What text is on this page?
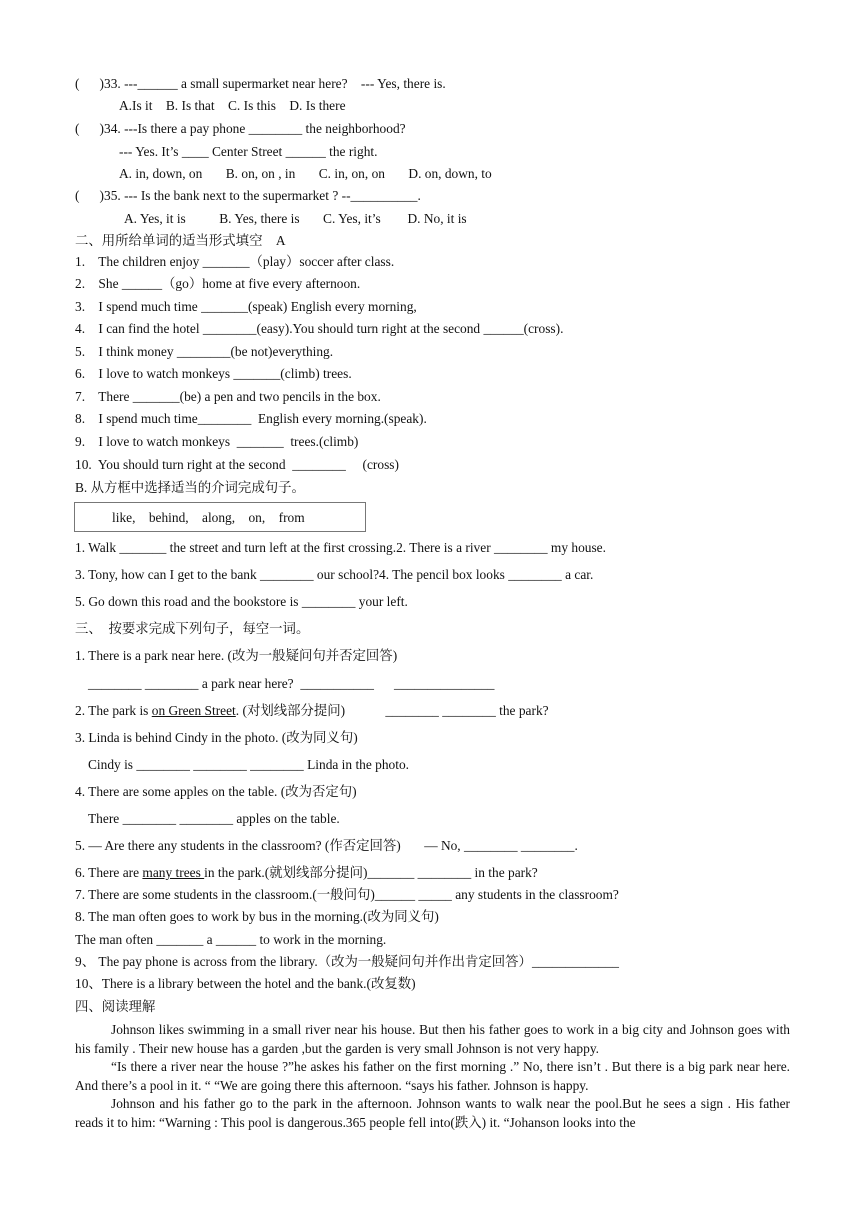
(      )33. ---______ a small supermarket near here?    --- Yes, there is.
A.Is it    B. Is that    C. Is this    D. Is there
(      )34. ---Is there a pay phone ________ the neighborhood?
--- Yes. It’s ____ Center Street ______ the right.
A. in, down, on       B. on, on , in       C. in, on, on       D. on, down, to
(      )35. --- Is the bank next to the supermarket ? --__________.
A. Yes, it is          B. Yes, there is       C. Yes, it’s        D. No, it is
二、用所给单词的适当形式填空    A
1.    The children enjoy _______（play）soccer after class.
2.    She ______（go）home at five every afternoon.
3.    I spend much time _______(speak) English every morning,
4.    I can find the hotel ________(easy).You should turn right at the second ______(cross).
5.    I think money ________(be not)everything.
6.    I love to watch monkeys _______(climb) trees.
7.    There _______(be) a pen and two pencils in the box.
8.    I spend much time________  English every morning.(speak).
9.    I love to watch monkeys  _______  trees.(climb)
10.  You should turn right at the second  ________     (cross)
B. 从方框中选择适当的介词完成句子。
like,    behind,    along,    on,    from
1. Walk _______ the street and turn left at the first crossing.2. There is a river ________ my house.
3. Tony, how can I get to the bank ________ our school?4. The pencil box looks ________ a car.
5. Go down this road and the bookstore is ________ your left.
三、  按要求完成下列句子，每空一词。
1. There is a park near here. (改为一般疑问句并否定回答)
________ ________ a park near here?  ___________      _______________
2. The park is on Green Street. (对划线部分提问)            ________ ________ the park?
3. Linda is behind Cindy in the photo. (改为同义句)
Cindy is ________ ________ ________ Linda in the photo.
4. There are some apples on the table. (改为否定句)
There ________ ________ apples on the table.
5. — Are there any students in the classroom? (作否定回答)       — No, ________ ________.
6. There are many trees in the park.(就划线部分提问)_______ ________ in the park?
7. There are some students in the classroom.(一般问句)______ _____ any students in the classroom?
8. The man often goes to work by bus in the morning.(改为同义句)
The man often _______ a ______ to work in the morning.
9、 The pay phone is across from the library.（改为一般疑问句并作出肯定回答）_____________
10、There is a library between the hotel and the bank.(改复数)
四、阅读理解

Johnson likes swimming in a small river near his house. But then his father goes to work in a big city and Johnson goes with his family . Their new house has a garden ,but the garden is very small Johnson is not very happy.

“Is there a river near the house ?”he askes his father on the first morning .” No, there isn’t . But there is a big park near here. And there’s a pool in it. “ “We are going there this afternoon. “says his father. Johnson is happy.

Johnson and his father go to the park in the afternoon. Johnson wants to walk near the pool.But he sees a sign . His father reads it to him: “Warning : This pool is dangerous.365 people fell into(跌入) it. “Johanson looks into the
